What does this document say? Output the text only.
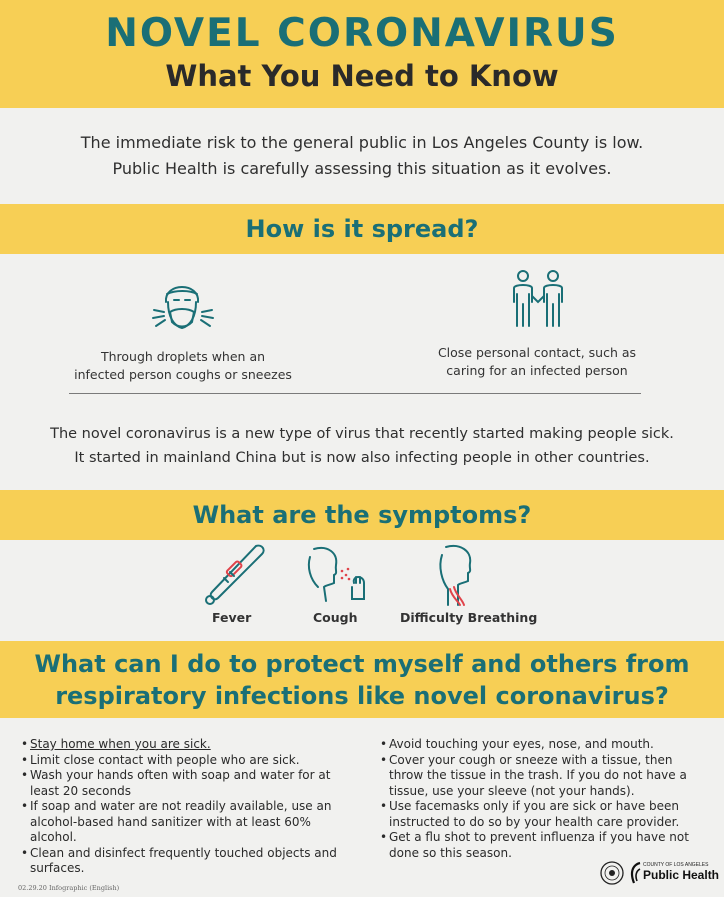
NOVEL CORONAVIRUS
What You Need to Know
The immediate risk to the general public in Los Angeles County is low.
Public Health is carefully assessing this situation as it evolves.
How is it spread?
Through droplets when an
infected person coughs or sneezes
Close personal contact, such as
caring for an infected person
The novel coronavirus is a new type of virus that recently started making people sick.
It started in mainland China but is now also infecting people in other countries.
What are the symptoms?
Fever	Cough	Difficulty Breathing
What can I do to protect myself and others from
respiratory infections like novel coronavirus?
• Stay home when you are sick.
• Limit close contact with people who are sick.
• Wash your hands often with soap and water for at least 20 seconds
• If soap and water are not readily available, use an alcohol-based hand sanitizer with at least 60% alcohol.
• Clean and disinfect frequently touched objects and surfaces.
• Avoid touching your eyes, nose, and mouth.
• Cover your cough or sneeze with a tissue, then throw the tissue in the trash. If you do not have a tissue, use your sleeve (not your hands).
• Use facemasks only if you are sick or have been instructed to do so by your health care provider.
• Get a flu shot to prevent influenza if you have not done so this season.
02.29.20 Infographic (English)
COUNTY OF LOS ANGELES
Public Health
